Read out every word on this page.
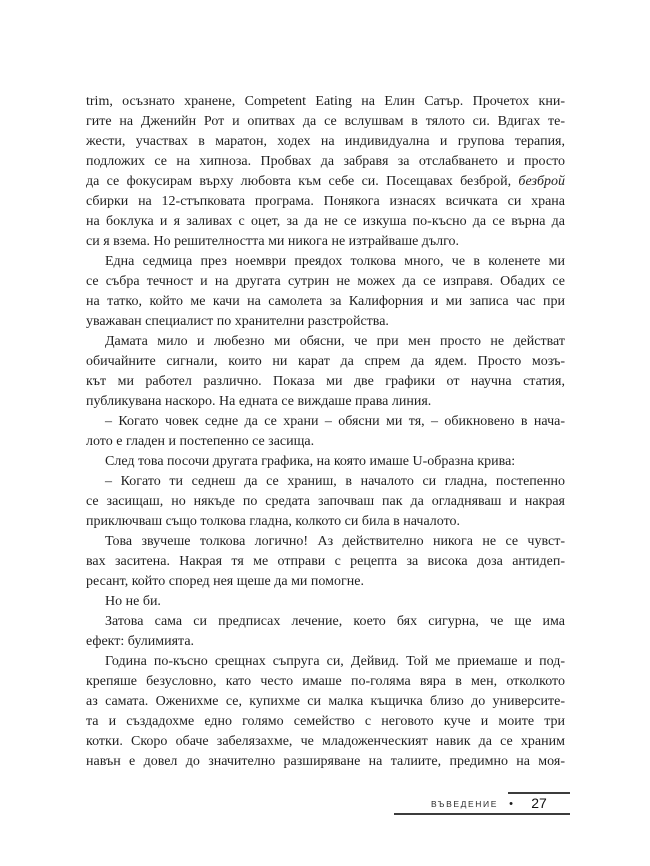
trim, осъзнато хранене, Competent Eating на Елин Сатър. Прочетох кни-
гите на Дженийн Рот и опитвах да се вслушвам в тялото си. Вдигах те-
жести, участвах в маратон, ходех на индивидуална и групова терапия,
подложих се на хипноза. Пробвах да забравя за отслабването и просто
да се фокусирам върху любовта към себе си. Посещавах безброй, безброй
сбирки на 12-стъпковата програма. Понякога изнасях всичката си храна
на боклука и я заливах с оцет, за да не се изкуша по-късно да се върна да
си я взема. Но решителността ми никога не изтрайваше дълго.
Една седмица през ноември преядох толкова много, че в коленете ми
се събра течност и на другата сутрин не можех да се изправя. Обадих се
на татко, който ме качи на самолета за Калифорния и ми записа час при
уважаван специалист по хранителни разстройства.
Дамата мило и любезно ми обясни, че при мен просто не действат
обичайните сигнали, които ни карат да спрем да ядем. Просто мозъ-
кът ми работел различно. Показа ми две графики от научна статия,
публикувана наскоро. На едната се виждаше права линия.
– Когато човек седне да се храни – обясни ми тя, – обикновено в нача-
лото е гладен и постепенно се засища.
След това посочи другата графика, на която имаше U-образна крива:
– Когато ти седнеш да се храниш, в началото си гладна, постепенно
се засищаш, но някъде по средата започваш пак да огладняваш и накрая
приключваш също толкова гладна, колкото си била в началото.
Това звучеше толкова логично! Аз действително никога не се чувст-
вах заситена. Накрая тя ме отправи с рецепта за висока доза антидеп-
ресант, който според нея щеше да ми помогне.
Но не би.
Затова сама си предписах лечение, което бях сигурна, че ще има
ефект: булимията.
Година по-късно срещнах съпруга си, Дейвид. Той ме приемаше и под-
крепяше безусловно, като често имаше по-голяма вяра в мен, отколкото
аз самата. Оженихме се, купихме си малка къщичка близо до университе-
та и създадохме едно голямо семейство с неговото куче и моите три
котки. Скоро обаче забелязахме, че младоженческият навик да се храним
навън е довел до значително разширяване на талиите, предимно на моя-
ВЪВЕДЕНИЕ •	27
